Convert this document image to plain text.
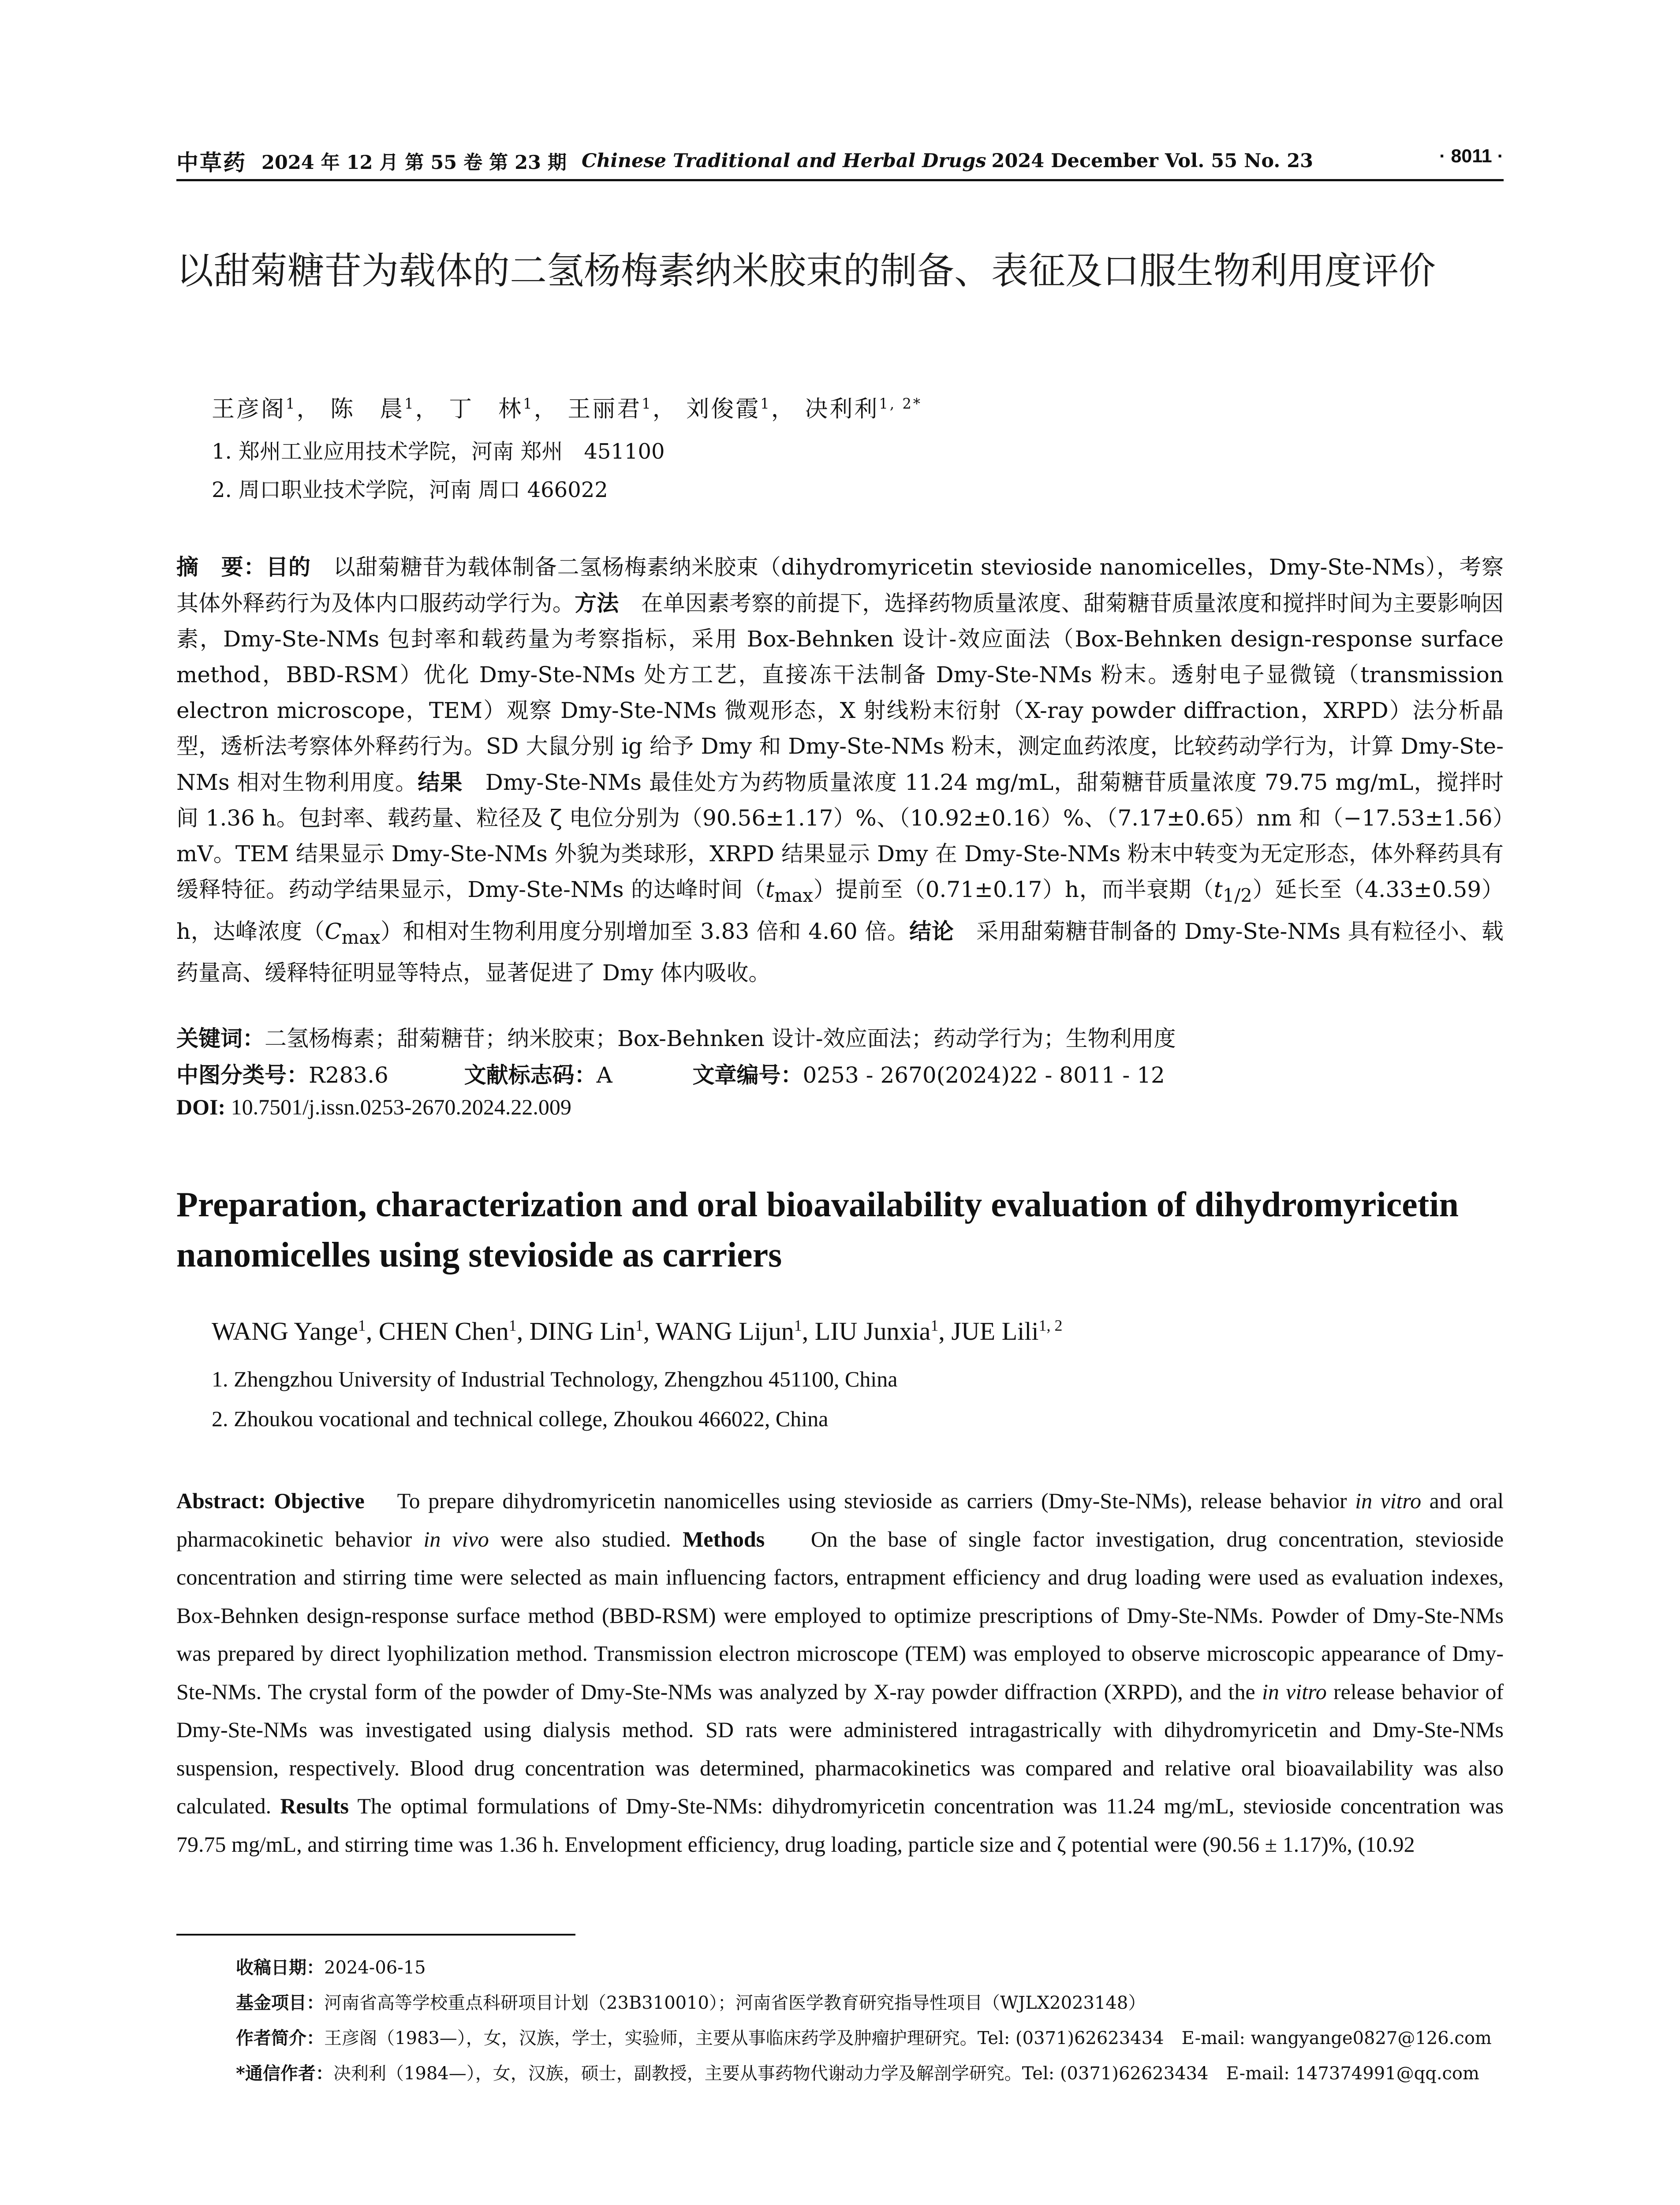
中草药 2024 年 12 月 第 55 卷 第 23 期 Chinese Traditional and Herbal Drugs 2024 December Vol. 55 No. 23	· 8011 ·
以甜菊糖苷为载体的二氢杨梅素纳米胶束的制备、表征及口服生物利用度评价
王彦阁$^1$， 陈　晨$^1$， 丁　林$^1$， 王丽君$^1$， 刘俊霞$^1$， 决利利$^{1, 2*}$
1. 郑州工业应用技术学院，河南 郑州　451100
2. 周口职业技术学院，河南 周口 466022
摘　要：目的　 以甜菊糖苷为载体制备二氢杨梅素纳米胶束（dihydromyricetin stevioside nanomicelles，Dmy-Ste-NMs），考察其体外释药行为及体内口服药动学行为。方法　 在单因素考察的前提下，选择药物质量浓度、甜菊糖苷质量浓度和搅拌时间为主要影响因素，Dmy-Ste-NMs 包封率和载药量为考察指标，采用 Box-Behnken 设计-效应面法（Box-Behnken design-response surface method，BBD-RSM）优化 Dmy-Ste-NMs 处方工艺，直接冻干法制备 Dmy-Ste-NMs 粉末。透射电子显微镜（transmission electron microscope，TEM）观察 Dmy-Ste-NMs 微观形态，X 射线粉末衍射（X-ray powder diffraction，XRPD）法分析晶型，透析法考察体外释药行为。SD 大鼠分别 ig 给予 Dmy 和 Dmy-Ste-NMs 粉末，测定血药浓度，比较药动学行为，计算 Dmy-Ste-NMs 相对生物利用度。结果　 Dmy-Ste-NMs 最佳处方为药物质量浓度 11.24 mg/mL，甜菊糖苷质量浓度 79.75 mg/mL，搅拌时间 1.36 h。包封率、载药量、粒径及 ζ 电位分别为（90.56±1.17）%、（10.92±0.16）%、（7.17±0.65）nm 和（−17.53±1.56）mV。TEM 结果显示 Dmy-Ste-NMs 外貌为类球形，XRPD 结果显示 Dmy 在 Dmy-Ste-NMs 粉末中转变为无定形态，体外释药具有缓释特征。药动学结果显示，Dmy-Ste-NMs 的达峰时间$(t_{max})$提前至（0.71±0.17）h，而半衰期$(t_{1/2})$延长至（4.33±0.59）h，达峰浓度$(C_{max})$和相对生物利用度分别增加至 3.83 倍和 4.60 倍。结论　 采用甜菊糖苷制备的 Dmy-Ste-NMs 具有粒径小、载药量高、缓释特征明显等特点，显著促进了 Dmy 体内吸收。
关键词：二氢杨梅素；甜菊糖苷；纳米胶束；Box-Behnken 设计-效应面法；药动学行为；生物利用度
中图分类号：R283.6	文献标志码：A	文章编号：0253 - 2670(2024)22 - 8011 - 12
DOI: 10.7501/j.issn.0253-2670.2024.22.009
Preparation, characterization and oral bioavailability evaluation of dihydromyricetin nanomicelles using stevioside as carriers
WANG Yange$^1$, CHEN Chen$^1$, DING Lin$^1$, WANG Lijun$^1$, LIU Junxia$^1$, JUE Lili$^{1, 2}$
1. Zhengzhou University of Industrial Technology, Zhengzhou 451100, China
2. Zhoukou vocational and technical college, Zhoukou 466022, China
Abstract: Objective To prepare dihydromyricetin nanomicelles using stevioside as carriers (Dmy-Ste-NMs), release behavior in vitro and oral pharmacokinetic behavior in vivo were also studied. Methods On the base of single factor investigation, drug concentration, stevioside concentration and stirring time were selected as main influencing factors, entrapment efficiency and drug loading were used as evaluation indexes, Box-Behnken design-response surface method (BBD-RSM) were employed to optimize prescriptions of Dmy-Ste-NMs. Powder of Dmy-Ste-NMs was prepared by direct lyophilization method. Transmission electron microscope (TEM) was employed to observe microscopic appearance of Dmy-Ste-NMs. The crystal form of the powder of Dmy-Ste-NMs was analyzed by X-ray powder diffraction (XRPD), and the in vitro release behavior of Dmy-Ste-NMs was investigated using dialysis method. SD rats were administered intragastrically with dihydromyricetin and Dmy-Ste-NMs suspension, respectively. Blood drug concentration was determined, pharmacokinetics was compared and relative oral bioavailability was also calculated. Results The optimal formulations of Dmy-Ste-NMs: dihydromyricetin concentration was 11.24 mg/mL, stevioside concentration was 79.75 mg/mL, and stirring time was 1.36 h. Envelopment efficiency, drug loading, particle size and ζ potential were (90.56 ± 1.17)%, (10.92
收稿日期：2024-06-15
基金项目：河南省高等学校重点科研项目计划（23B310010）；河南省医学教育研究指导性项目（WJLX2023148）
作者简介：王彦阁（1983—），女，汉族，学士，实验师，主要从事临床药学及肿瘤护理研究。Tel: (0371)62623434　E-mail: wangyange0827@126.com
*通信作者：决利利（1984—），女，汉族，硕士，副教授，主要从事药物代谢动力学及解剖学研究。Tel: (0371)62623434　E-mail: 147374991@qq.com
